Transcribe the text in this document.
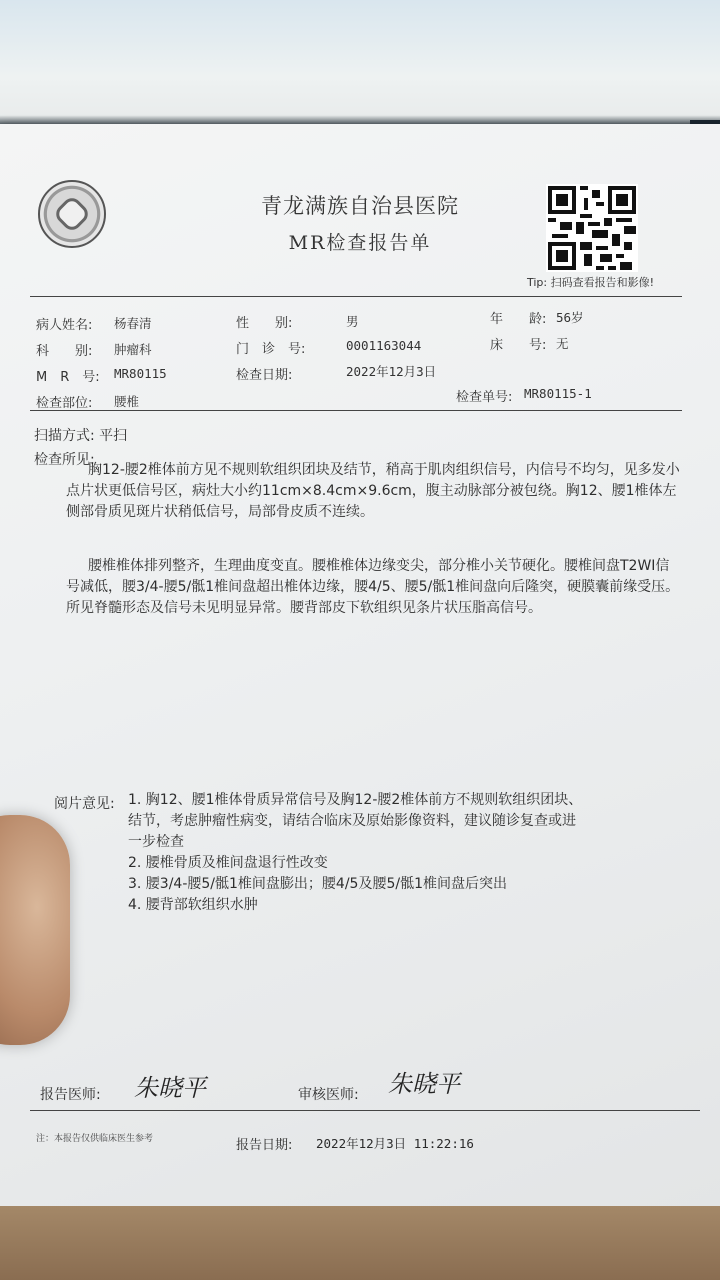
青龙满族自治县医院
MR检查报告单
Tip: 扫码查看报告和影像!
病人姓名: 杨春清	性　　别:	男	年　　龄: 56岁
科　　别: 肿瘤科	门　诊　号:	0001163044	床　　号: 无
M　R　号: MR80115	检查日期:	2022年12月3日
检查部位: 腰椎	检查单号: MR80115-1
扫描方式: 平扫
检查所见:

胸12-腰2椎体前方见不规则软组织团块及结节，稍高于肌肉组织信号，内信号不均匀，见多发小点片状更低信号区，病灶大小约11cm×8.4cm×9.6cm，腹主动脉部分被包绕。胸12、腰1椎体左侧部骨质见斑片状稍低信号，局部骨皮质不连续。

腰椎椎体排列整齐，生理曲度变直。腰椎椎体边缘变尖，部分椎小关节硬化。腰椎间盘T2WI信号减低，腰3/4-腰5/骶1椎间盘超出椎体边缘，腰4/5、腰5/骶1椎间盘向后隆突，硬膜囊前缘受压。所见脊髓形态及信号未见明显异常。腰背部皮下软组织见条片状压脂高信号。

阅片意见: 1. 胸12、腰1椎体骨质异常信号及胸12-腰2椎体前方不规则软组织团块、
结节，考虑肿瘤性病变，请结合临床及原始影像资料，建议随诊复查或进
一步检查
2. 腰椎骨质及椎间盘退行性改变
3. 腰3/4-腰5/骶1椎间盘膨出；腰4/5及腰5/骶1椎间盘后突出
4. 腰背部软组织水肿
报告医师: 朱晓平	审核医师: 朱晓平
注：本报告仅供临床医生参考	报告日期: 2022年12月3日 11:22:16
